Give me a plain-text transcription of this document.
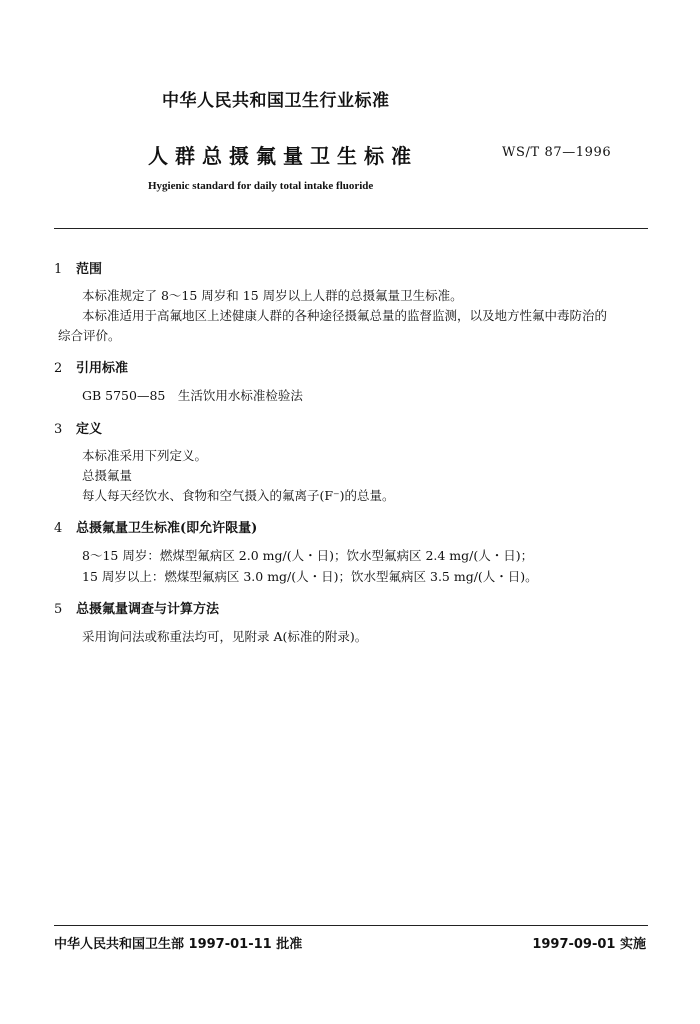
中华人民共和国卫生行业标准
人群总摄氟量卫生标准	WS/T 87—1996
Hygienic standard for daily total intake fluoride
1 范围
本标准规定了 8～15 周岁和 15 周岁以上人群的总摄氟量卫生标准。
本标准适用于高氟地区上述健康人群的各种途径摄氟总量的监督监测，以及地方性氟中毒防治的
综合评价。
2 引用标准
GB 5750—85　生活饮用水标准检验法
3 定义
本标准采用下列定义。
总摄氟量
每人每天经饮水、食物和空气摄入的氟离子(F⁻)的总量。
4 总摄氟量卫生标准(即允许限量)
8～15 周岁：燃煤型氟病区 2.0 mg/(人・日)；饮水型氟病区 2.4 mg/(人・日)；
15 周岁以上：燃煤型氟病区 3.0 mg/(人・日)；饮水型氟病区 3.5 mg/(人・日)。
5 总摄氟量调查与计算方法
采用询问法或称重法均可，见附录 A(标准的附录)。
中华人民共和国卫生部 1997-01-11 批准	1997-09-01 实施
